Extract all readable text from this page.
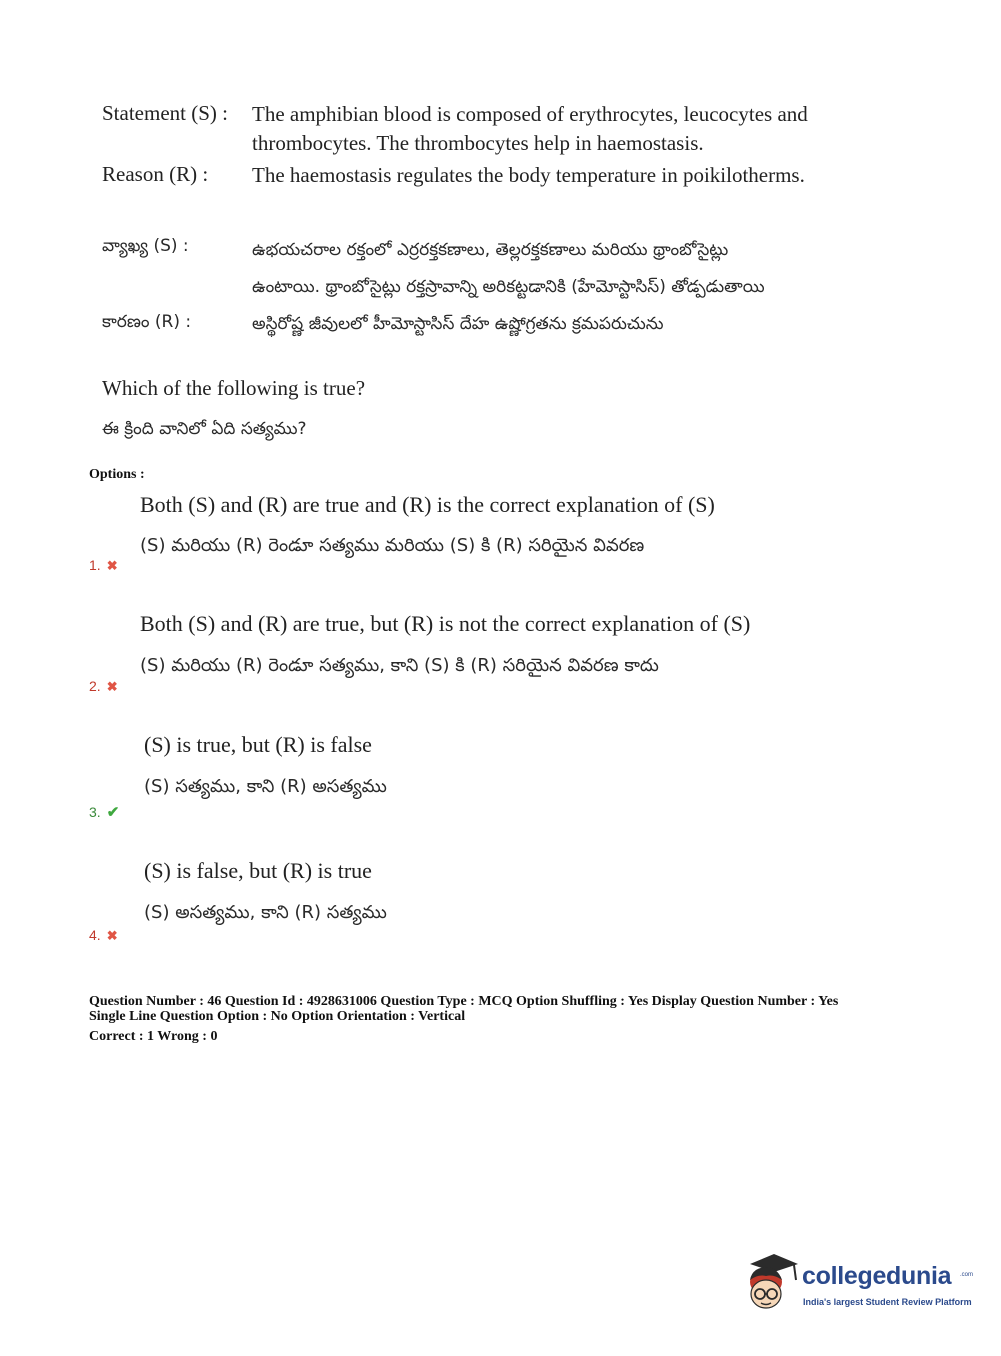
Statement (S) : The amphibian blood is composed of erythrocytes, leucocytes and
thrombocytes. The thrombocytes help in haemostasis.
Reason (R) : The haemostasis regulates the body temperature in poikilotherms.
వ్యాఖ్య (S) :	ఉభయచరాల రక్తంలో ఎర్రరక్తకణాలు, తెల్లరక్తకణాలు మరియు థ్రాంబోసైట్లు
ఉంటాయి. థ్రాంబోసైట్లు రక్తస్రావాన్ని అరికట్టడానికి (హేమోస్టాసిస్) తోడ్పడుతాయి
కారణం (R) :	అస్థిరోష్ణ జీవులలో హీమోస్టాసిస్ దేహ ఉష్ణోగ్రతను క్రమపరుచును
Which of the following is true?
ఈ క్రింది వానిలో ఏది సత్యము?
Options :
Both (S) and (R) are true and (R) is the correct explanation of (S)
(S) మరియు (R) రెండూ సత్యము మరియు (S) కి (R) సరియైన వివరణ
1. ✖
Both (S) and (R) are true, but (R) is not the correct explanation of (S)
(S) మరియు (R) రెండూ సత్యము, కాని (S) కి (R) సరియైన వివరణ కాదు
2. ✖
(S) is true, but (R) is false
(S) సత్యము, కాని (R) అసత్యము
3. ✔
(S) is false, but (R) is true
(S) అసత్యము, కాని (R) సత్యము
4. ✖
Question Number : 46 Question Id : 4928631006 Question Type : MCQ Option Shuffling : Yes Display Question Number : Yes
Single Line Question Option : No Option Orientation : Vertical
Correct : 1 Wrong : 0
collegedunia .com
India's largest Student Review Platform
